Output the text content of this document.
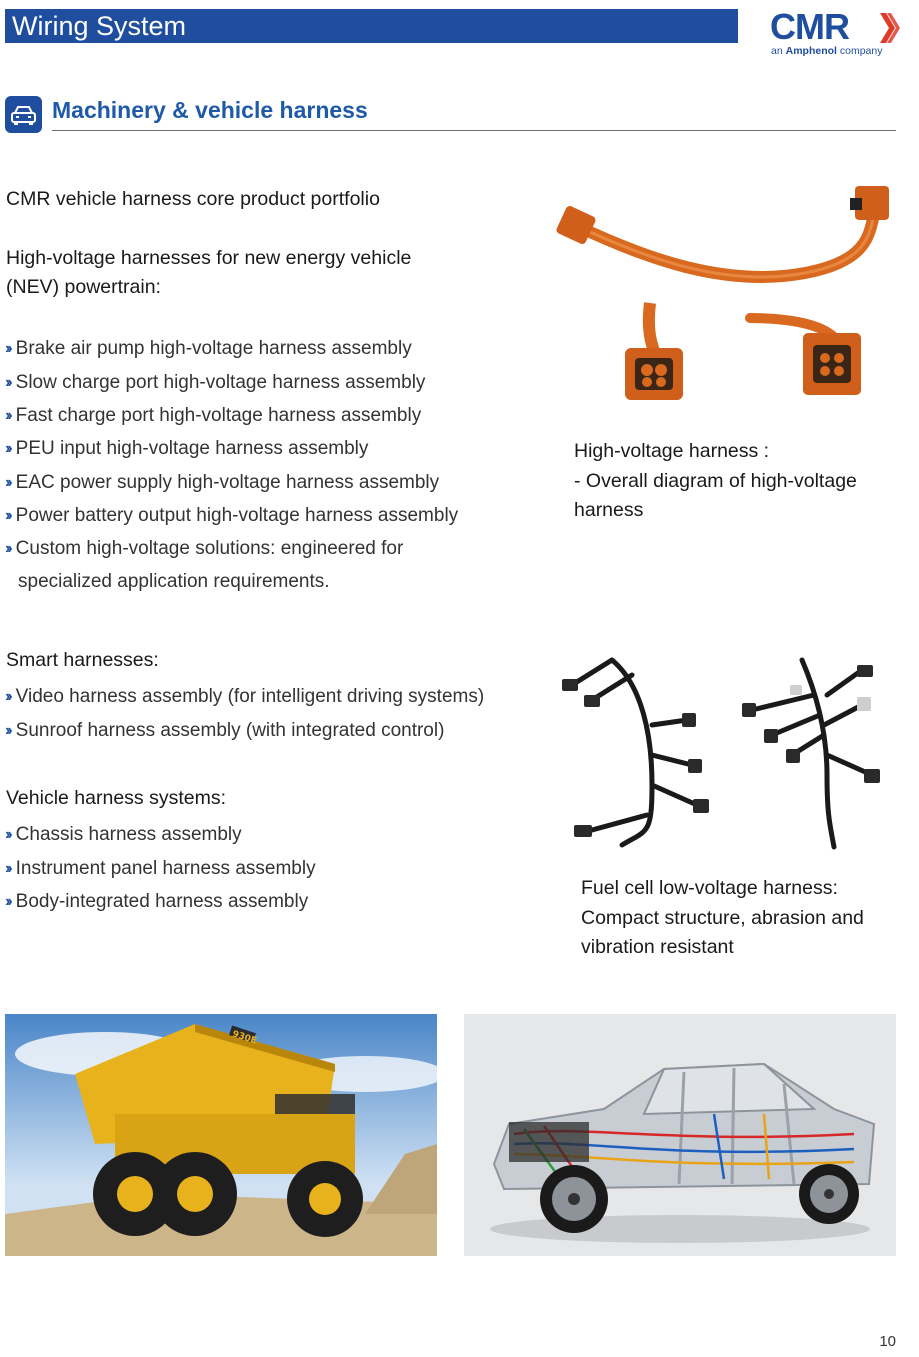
Wiring System	CMR
an Amphenol company
Machinery & vehicle harness
CMR vehicle harness core product portfolio
High-voltage harnesses for new energy vehicle
(NEV) powertrain:
›› Brake air pump high-voltage harness assembly
›› Slow charge port high-voltage harness assembly
›› Fast charge port high-voltage harness assembly
›› PEU input high-voltage harness assembly
›› EAC power supply high-voltage harness assembly
›› Power battery output high-voltage harness assembly
›› Custom high-voltage solutions: engineered for
specialized application requirements.
Smart harnesses:
›› Video harness assembly (for intelligent driving systems)
›› Sunroof harness assembly (with integrated control)
Vehicle harness systems:
›› Chassis harness assembly
›› Instrument panel harness assembly
›› Body-integrated harness assembly
High-voltage harness :
- Overall diagram of high-voltage
harness
Fuel cell low-voltage harness:
Compact structure, abrasion and
vibration resistant
930E
10
